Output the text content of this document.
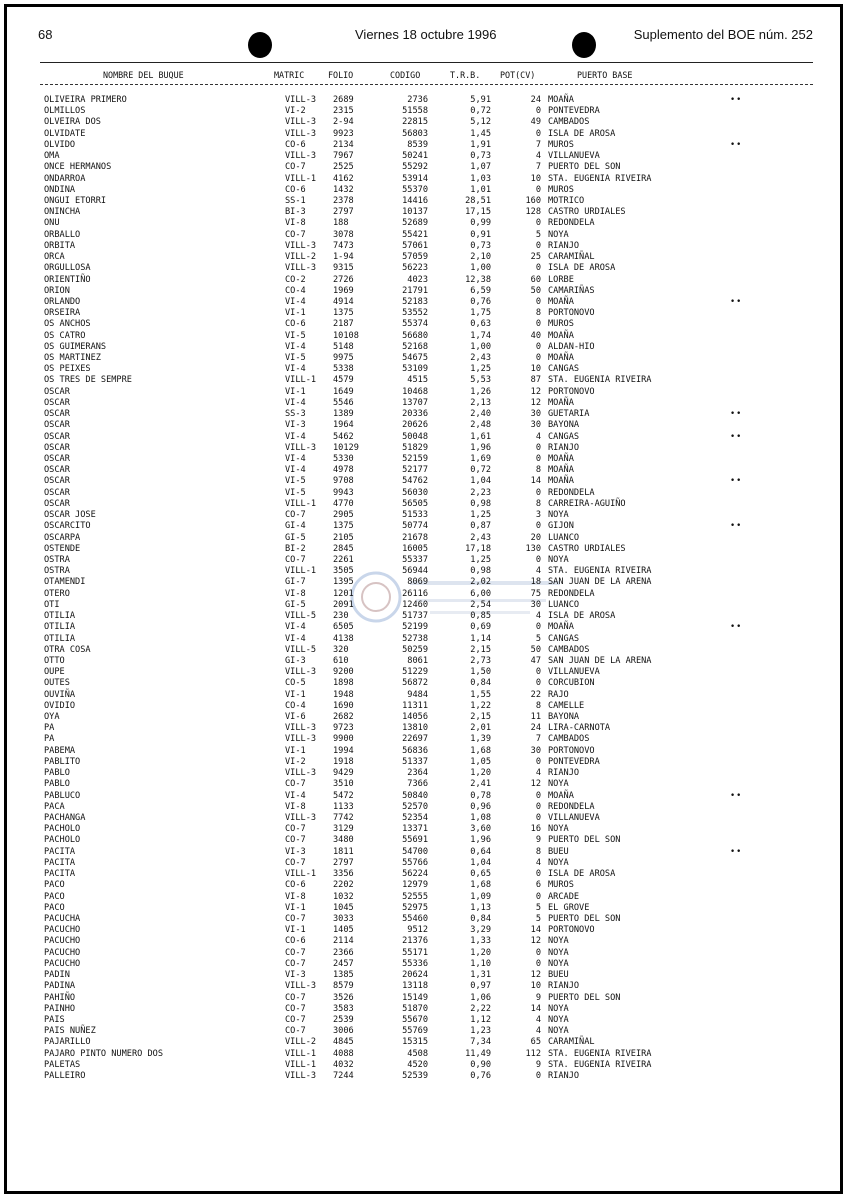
68	Viernes 18 octubre 1996	Suplemento del BOE núm. 252
NOMBRE DEL BUQUE	MATRIC	FOLIO	CODIGO	T.R.B. POT(CV)	PUERTO BASE
OLIVEIRA PRIMERO	VILL-3 2689	2736	5,91	24 MOAÑA	••
OLMILLOS	VI-2	2315	51558	0,72	0 PONTEVEDRA
OLVEIRA DOS	VILL-3 2-94	22815	5,12	49 CAMBADOS
OLVIDATE	VILL-3 9923	56803	1,45	0 ISLA DE AROSA
OLVIDO	CO-6	2134	8539	1,91	7 MUROS	••
OMA	VILL-3 7967	50241	0,73	4 VILLANUEVA
ONCE HERMANOS	CO-7	2525	55292	1,07	7 PUERTO DEL SON
ONDARROA	VILL-1 4162	53914	1,03	10 STA. EUGENIA RIVEIRA
ONDINA	CO-6	1432	55370	1,01	0 MUROS
ONGUI ETORRI	SS-1	2378	14416	28,51	160 MOTRICO
ONINCHA	BI-3	2797	10137	17,15	128 CASTRO URDIALES
ONU	VI-8	188	52689	0,99	0 REDONDELA
ORBALLO	CO-7	3078	55421	0,91	5 NOYA
ORBITA	VILL-3 7473	57061	0,73	0 RIANJO
ORCA	VILL-2 1-94	57059	2,10	25 CARAMIÑAL
ORGULLOSA	VILL-3 9315	56223	1,00	0 ISLA DE AROSA
ORIENTIÑO	CO-2	2726	4023	12,38	60 LORBE
ORION	CO-4	1969	21791	6,59	50 CAMARIÑAS
ORLANDO	VI-4	4914	52183	0,76	0 MOAÑA	••
ORSEIRA	VI-1	1375	53552	1,75	8 PORTONOVO
OS ANCHOS	CO-6	2187	55374	0,63	0 MUROS
OS CATRO	VI-5	10108	56680	1,74	40 MOAÑA
OS GUIMERANS	VI-4	5148	52168	1,00	0 ALDAN-HIO
OS MARTINEZ	VI-5	9975	54675	2,43	0 MOAÑA
OS PEIXES	VI-4	5338	53109	1,25	10 CANGAS
OS TRES DE SEMPRE	VILL-1 4579	4515	5,53	87 STA. EUGENIA RIVEIRA
OSCAR	VI-1	1649	10468	1,26	12 PORTONOVO
OSCAR	VI-4	5546	13707	2,13	12 MOAÑA
OSCAR	SS-3	1389	20336	2,40	30 GUETARIA	••
OSCAR	VI-3	1964	20626	2,48	30 BAYONA
OSCAR	VI-4	5462	50048	1,61	4 CANGAS	••
OSCAR	VILL-3 10129	51829	1,96	0 RIANJO
OSCAR	VI-4	5330	52159	1,69	0 MOAÑA
OSCAR	VI-4	4978	52177	0,72	8 MOAÑA
OSCAR	VI-5	9708	54762	1,04	14 MOAÑA	••
OSCAR	VI-5	9943	56030	2,23	0 REDONDELA
OSCAR	VILL-1 4770	56505	0,98	8 CARREIRA-AGUIÑO
OSCAR JOSE	CO-7	2905	51533	1,25	3 NOYA
OSCARCITO	GI-4	1375	50774	0,87	0 GIJON	••
OSCARPA	GI-5	2105	21678	2,43	20 LUANCO
OSTENDE	BI-2	2845	16005	17,18	130 CASTRO URDIALES
OSTRA	CO-7	2261	55337	1,25	0 NOYA
OSTRA	VILL-1 3505	56944	0,98	4 STA. EUGENIA RIVEIRA
OTAMENDI	GI-7	1395	8069	2,02	18 SAN JUAN DE LA ARENA
OTERO	VI-8	1201	26116	6,00	75 REDONDELA
OTI	GI-5	2091	12460	2,54	30 LUANCO
OTILIA	VILL-5 230	51737	0,85	4 ISLA DE AROSA
OTILIA	VI-4	6505	52199	0,69	0 MOAÑA	••
OTILIA	VI-4	4138	52738	1,14	5 CANGAS
OTRA COSA	VILL-5 320	50259	2,15	50 CAMBADOS
OTTO	GI-3	610	8061	2,73	47 SAN JUAN DE LA ARENA
OUPE	VILL-3 9200	51229	1,50	0 VILLANUEVA
OUTES	CO-5	1898	56872	0,84	0 CORCUBION
OUVIÑA	VI-1	1948	9484	1,55	22 RAJO
OVIDIO	CO-4	1690	11311	1,22	8 CAMELLE
OYA	VI-6	2682	14056	2,15	11 BAYONA
PA	VILL-3 9723	13810	2,01	24 LIRA-CARNOTA
PA	VILL-3 9900	22697	1,39	7 CAMBADOS
PABEMA	VI-1	1994	56836	1,68	30 PORTONOVO
PABLITO	VI-2	1918	51337	1,05	0 PONTEVEDRA
PABLO	VILL-3 9429	2364	1,20	4 RIANJO
PABLO	CO-7	3510	7366	2,41	12 NOYA
PABLUCO	VI-4	5472	50840	0,78	0 MOAÑA	••
PACA	VI-8	1133	52570	0,96	0 REDONDELA
PACHANGA	VILL-3 7742	52354	1,08	0 VILLANUEVA
PACHOLO	CO-7	3129	13371	3,60	16 NOYA
PACHOLO	CO-7	3480	55691	1,96	9 PUERTO DEL SON
PACITA	VI-3	1811	54700	0,64	8 BUEU	••
PACITA	CO-7	2797	55766	1,04	4 NOYA
PACITA	VILL-1 3356	56224	0,65	0 ISLA DE AROSA
PACO	CO-6	2202	12979	1,68	6 MUROS
PACO	VI-8	1032	52555	1,09	0 ARCADE
PACO	VI-1	1045	52975	1,13	5 EL GROVE
PACUCHA	CO-7	3033	55460	0,84	5 PUERTO DEL SON
PACUCHO	VI-1	1405	9512	3,29	14 PORTONOVO
PACUCHO	CO-6	2114	21376	1,33	12 NOYA
PACUCHO	CO-7	2366	55171	1,20	0 NOYA
PACUCHO	CO-7	2457	55336	1,10	0 NOYA
PADIN	VI-3	1385	20624	1,31	12 BUEU
PADINA	VILL-3 8579	13118	0,97	10 RIANJO
PAHIÑO	CO-7	3526	15149	1,06	9 PUERTO DEL SON
PAINHO	CO-7	3583	51870	2,22	14 NOYA
PAIS	CO-7	2539	55670	1,12	4 NOYA
PAIS NUÑEZ	CO-7	3006	55769	1,23	4 NOYA
PAJARILLO	VILL-2 4845	15315	7,34	65 CARAMIÑAL
PAJARO PINTO NUMERO DOS	VILL-1 4088	4508	11,49	112 STA. EUGENIA RIVEIRA
PALETAS	VILL-1 4032	4520	0,90	9 STA. EUGENIA RIVEIRA
PALLEIRO	VILL-3 7244	52539	0,76	0 RIANJO
